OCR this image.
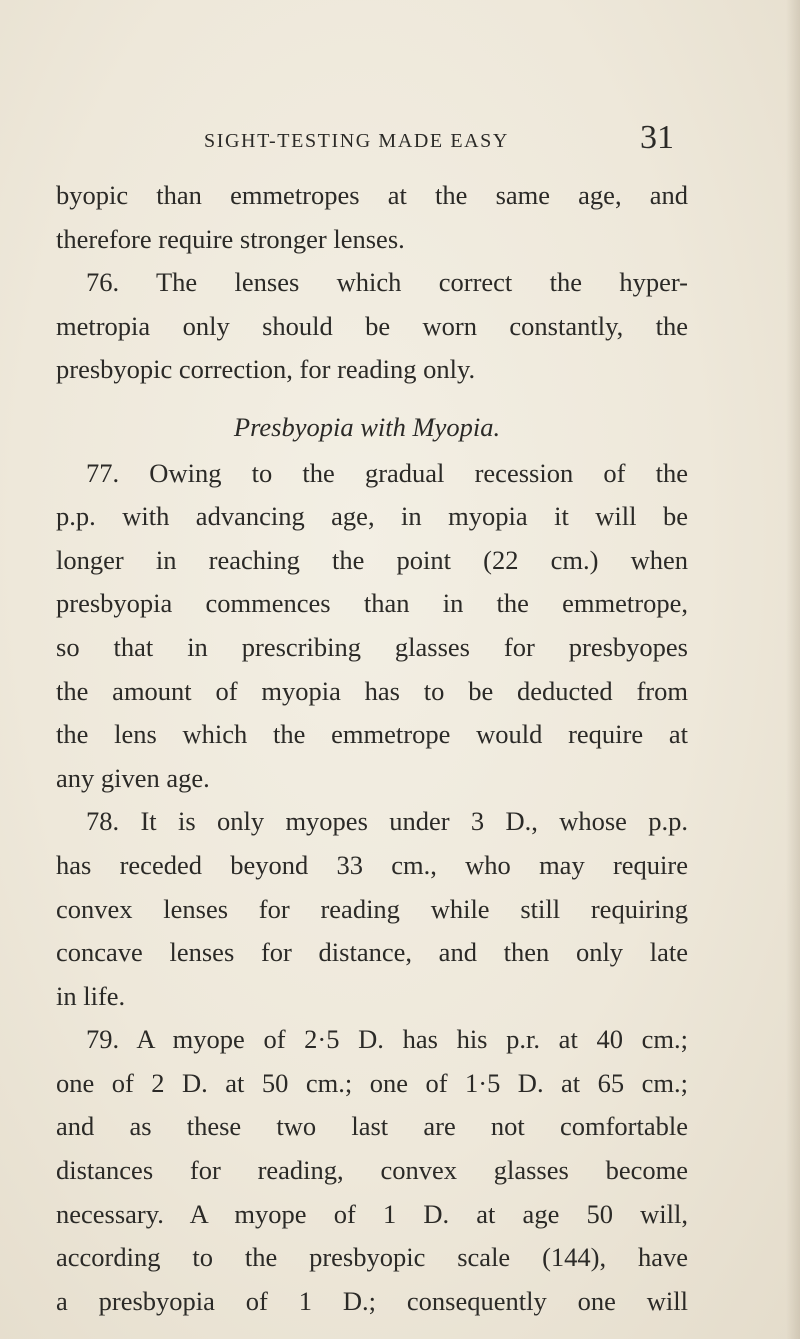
SIGHT-TESTING MADE EASY	31
byopic than emmetropes at the same age, and
therefore require stronger lenses.
76. The lenses which correct the hyper-
metropia only should be worn constantly, the
presbyopic correction, for reading only.
Presbyopia with Myopia.
77. Owing to the gradual recession of the
p.p. with advancing age, in myopia it will be
longer in reaching the point (22 cm.) when
presbyopia commences than in the emmetrope,
so that in prescribing glasses for presbyopes
the amount of myopia has to be deducted from
the lens which the emmetrope would require at
any given age.
78. It is only myopes under 3 D., whose p.p.
has receded beyond 33 cm., who may require
convex lenses for reading while still requiring
concave lenses for distance, and then only late
in life.
79. A myope of 2·5 D. has his p.r. at 40 cm.;
one of 2 D. at 50 cm.; one of 1·5 D. at 65 cm.;
and as these two last are not comfortable
distances for reading, convex glasses become
necessary. A myope of 1 D. at age 50 will,
according to the presbyopic scale (144), have
a presbyopia of 1 D.; consequently one will
